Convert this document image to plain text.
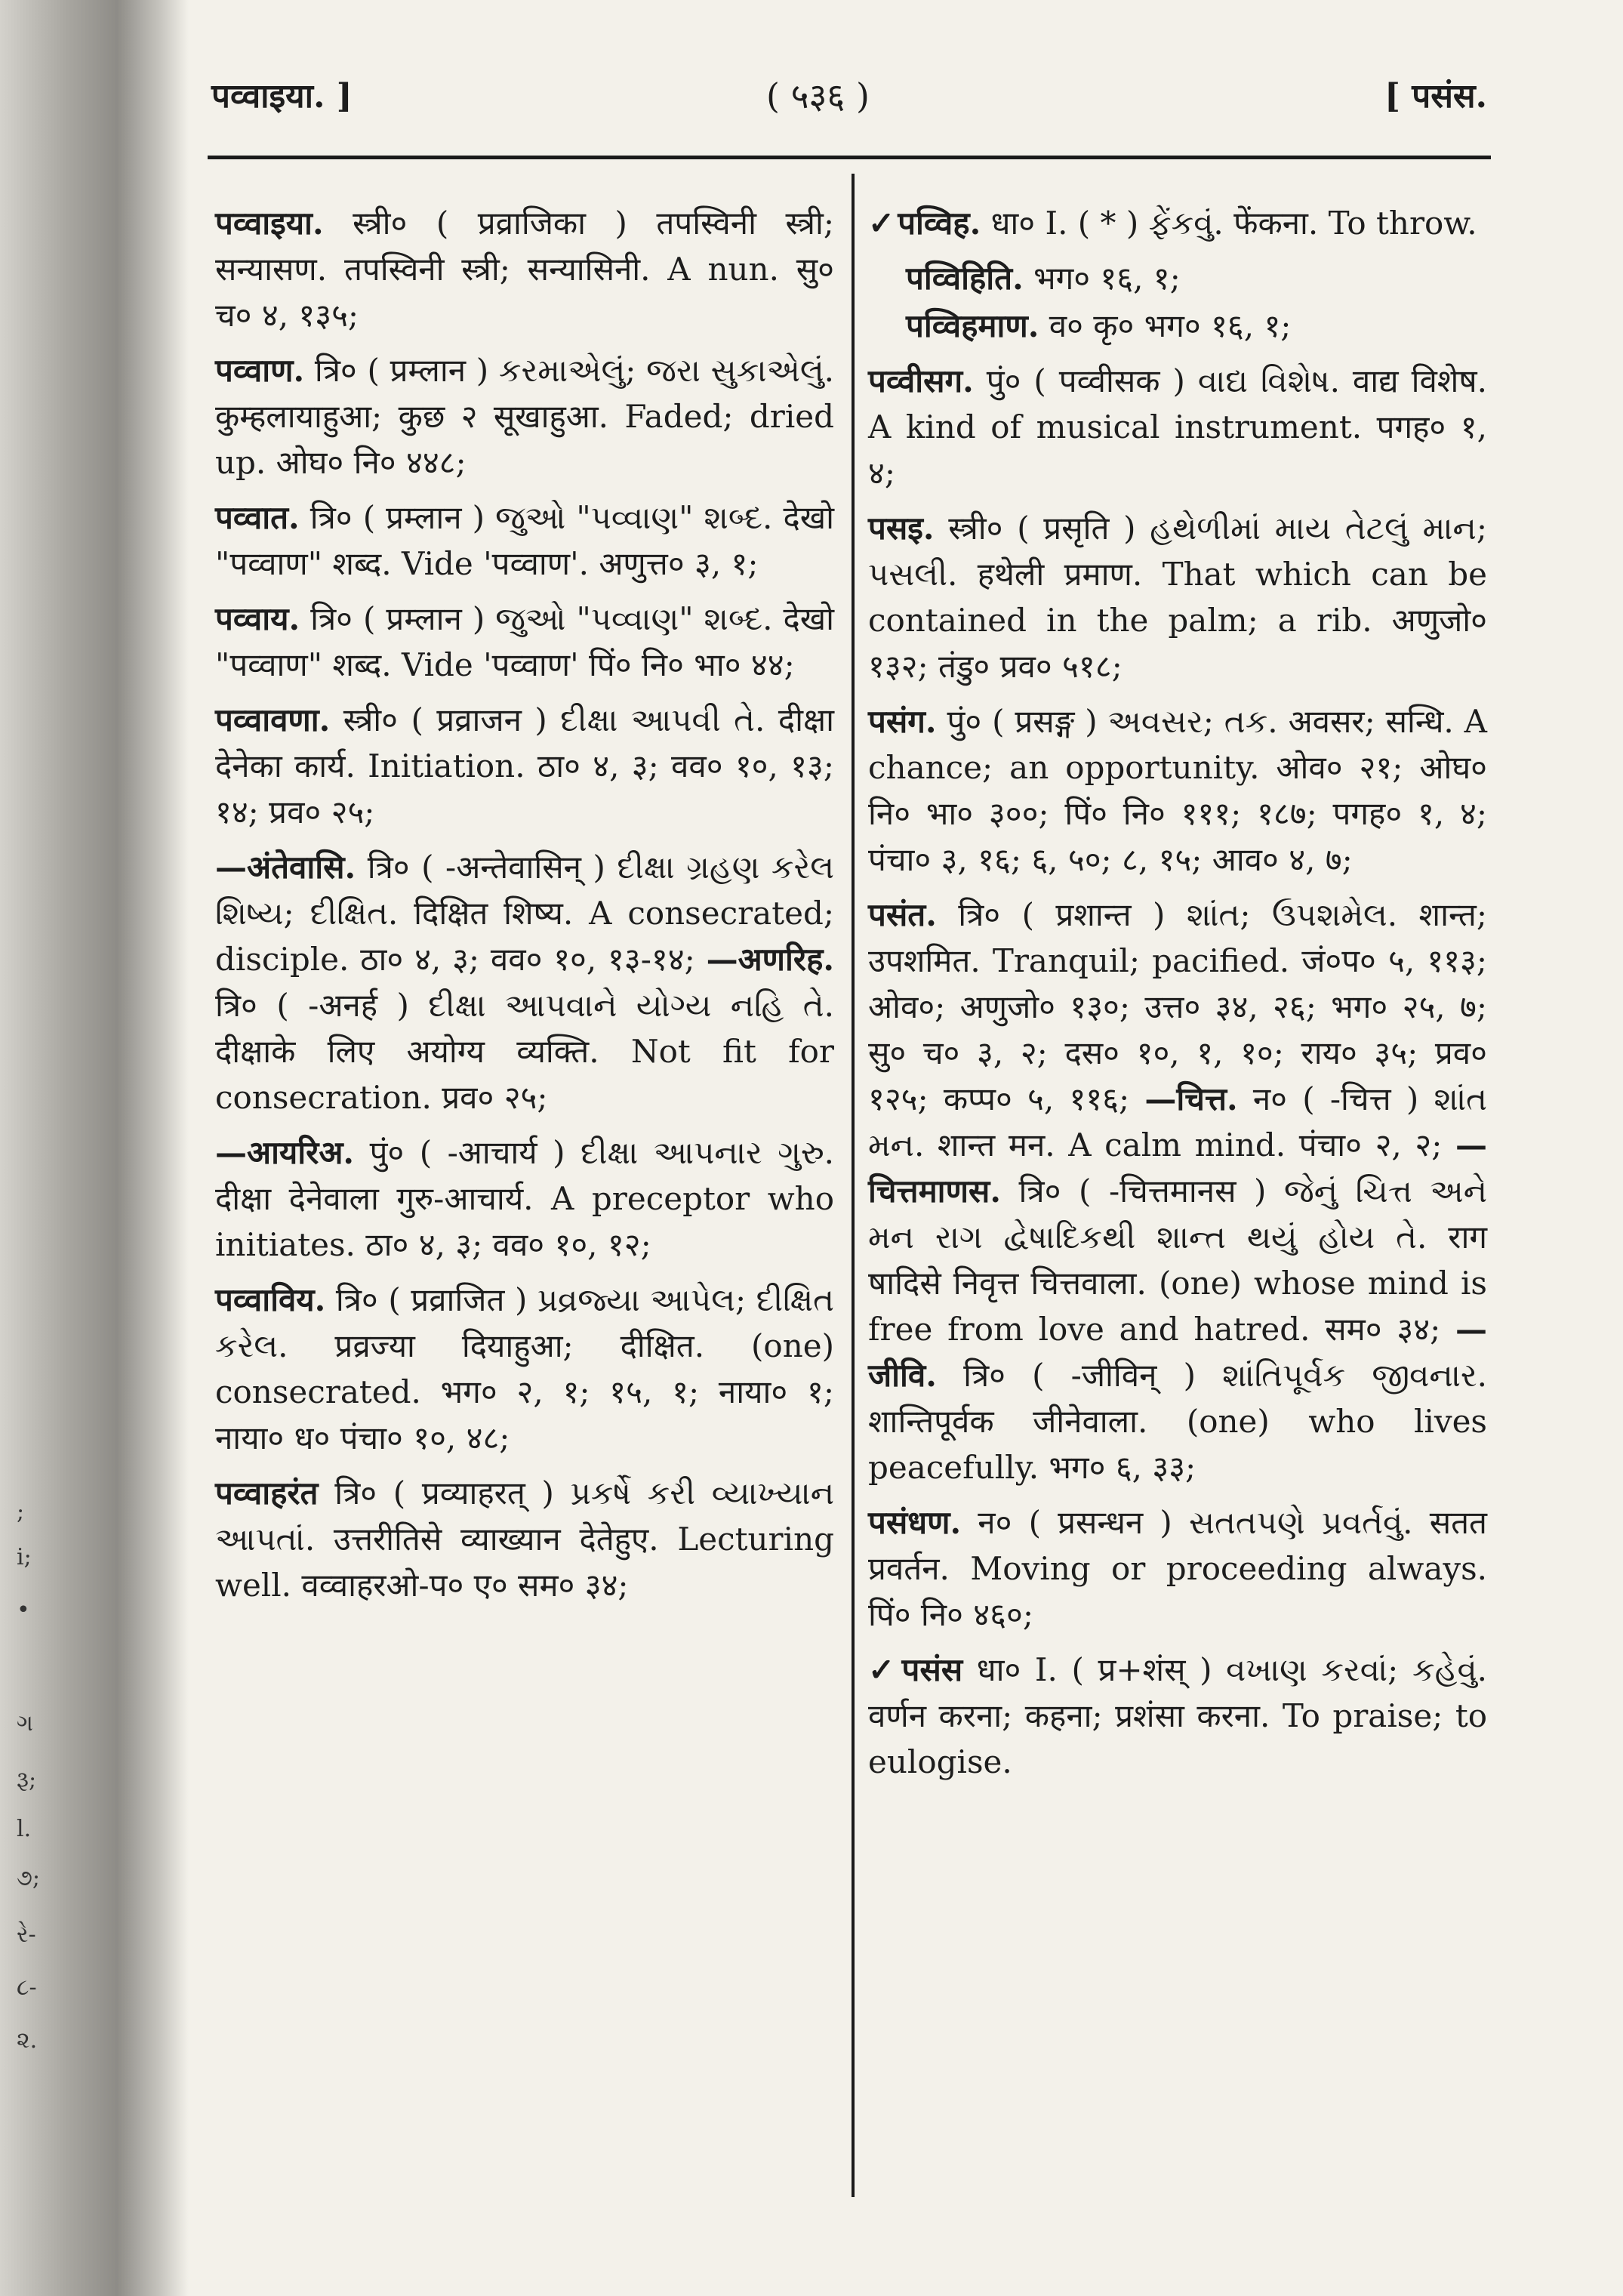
;
i;
•
ગ
રૂ;
l.
૭;
રે-
૮-
૨.
पव्वाइया. ]	( ५३६ )	[ पसंस.

पव्वाइया. स्त्री० ( प्रव्राजिका ) तपस्विनी स्त्री; सन्यासण. तपस्विनी स्त्री; सन्यासिनी. A nun. सु० च० ४, १३५;

पव्वाण. त्रि० ( प्रम्लान ) કરમાએલું; જરા સુકાએલું. कुम्हलायाहुआ; कुछ २ सूखाहुआ. Faded; dried up. ओघ० नि० ४४८;

पव्वात. त्रि० ( प्रम्लान ) જુઓ "પવ્વાણ" શબ્દ. देखो "पव्वाण" शब्द. Vide 'पव्वाण'. अणुत्त० ३, १;

पव्वाय. त्रि० ( प्रम्लान ) જુઓ "પવ્વાણ" શબ્દ. देखो "पव्वाण" शब्द. Vide 'पव्वाण' पिं० नि० भा० ४४;

पव्वावणा. स्त्री० ( प्रव्राजन ) દીક્ષા આપવી તે. दीक्षा देनेका कार्य. Initiation. ठा० ४, ३; वव० १०, १३; १४; प्रव० २५;

—अंतेवासि. त्रि० ( -अन्तेवासिन् ) દીક્ષા ગ્રહણ કરેલ શિષ્ય; દીક્ષિત. दिक्षित शिष्य. A consecrated; disciple. ठा० ४, ३; वव० १०, १३-१४; —अणरिह. त्रि० ( -अनर्ह ) દીક્ષા આપવાને યોગ્ય નહિ તે. दीक्षाके लिए अयोग्य व्यक्ति. Not fit for consecration. प्रव० २५;

—आयरिअ. पुं० ( -आचार्य ) દીક્ષા આપનાર ગુરુ. दीक्षा देनेवाला गुरु-आचार्य. A preceptor who initiates. ठा० ४, ३; वव० १०, १२;

पव्वाविय. त्रि० ( प्रव्राजित ) પ્રવ્રજ્યા આપેલ; દીક્ષિત કરેલ. प्रव्रज्या दियाहुआ; दीक्षित. (one) consecrated. भग० २, १; १५, १; नाया० १; नाया० ध० पंचा० १०, ४८;

पव्वाहरंत त्रि० ( प्रव्याहरत् ) પ્રકર્ષે કરી વ્યાખ્યાન આપતાં. उत्तरीतिसे व्याख्यान देतेहुए. Lecturing well. वव्वाहरओ-प० ए० सम० ३४;

✓पव्विह. धा० I. ( * ) ફેંકવું. फेंकना. To throw.

पव्विहिति. भग० १६, १;

पव्विहमाण. व० कृ० भग० १६, १;

पव्वीसग. पुं० ( पव्वीसक ) વાદ્ય વિશેષ. वाद्य विशेष. A kind of musical instrument. पगह० १, ४;

पसइ. स्त्री० ( प्रसृति ) હથેળીમાં માય તેટલું માન; પસલી. हथेली प्रमाण. That which can be contained in the palm; a rib. अणुजो० १३२; तंडु० प्रव० ५१८;

पसंग. पुं० ( प्रसङ्ग ) અવસર; તક. अवसर; सन्धि. A chance; an opportunity. ओव० २१; ओघ० नि० भा० ३००; पिं० नि० १११; १८७; पगह० १, ४; पंचा० ३, १६; ६, ५०; ८, १५; आव० ४, ७;

पसंत. त्रि० ( प्रशान्त ) શાંત; ઉપશમેલ. शान्त; उपशमित. Tranquil; pacified. जं०प० ५, ११३; ओव०; अणुजो० १३०; उत्त० ३४, २६; भग० २५, ७; सु० च० ३, २; दस० १०, १, १०; राय० ३५; प्रव० १२५; कप्प० ५, ११६; —चित्त. न० ( -चित्त ) શાંત મન. शान्त मन. A calm mind. पंचा० २, २; —चित्तमाणस. त्रि० ( -चित्तमानस ) જેનું ચિત્ત અને મન રાગ દ્વેષાદિકથી શાન્ત થયું હોય તે. राग षादिसे निवृत्त चित्तवाला. (one) whose mind is free from love and hatred. सम० ३४; —जीवि. त्रि० ( -जीविन् ) શાંતિપૂર્વક જીવનાર. शान्तिपूर्वक जीनेवाला. (one) who lives peacefully. भग० ६, ३३;

पसंधण. न० ( प्रसन्धन ) સતતપણે પ્રવર્તવું. सतत प्रवर्तन. Moving or proceeding always. पिं० नि० ४६०;

✓पसंस धा० I. ( प्र+शंस् ) વખાણ કરવાં; કહેવું. वर्णन करना; कहना; प्रशंसा करना. To praise; to eulogise.
